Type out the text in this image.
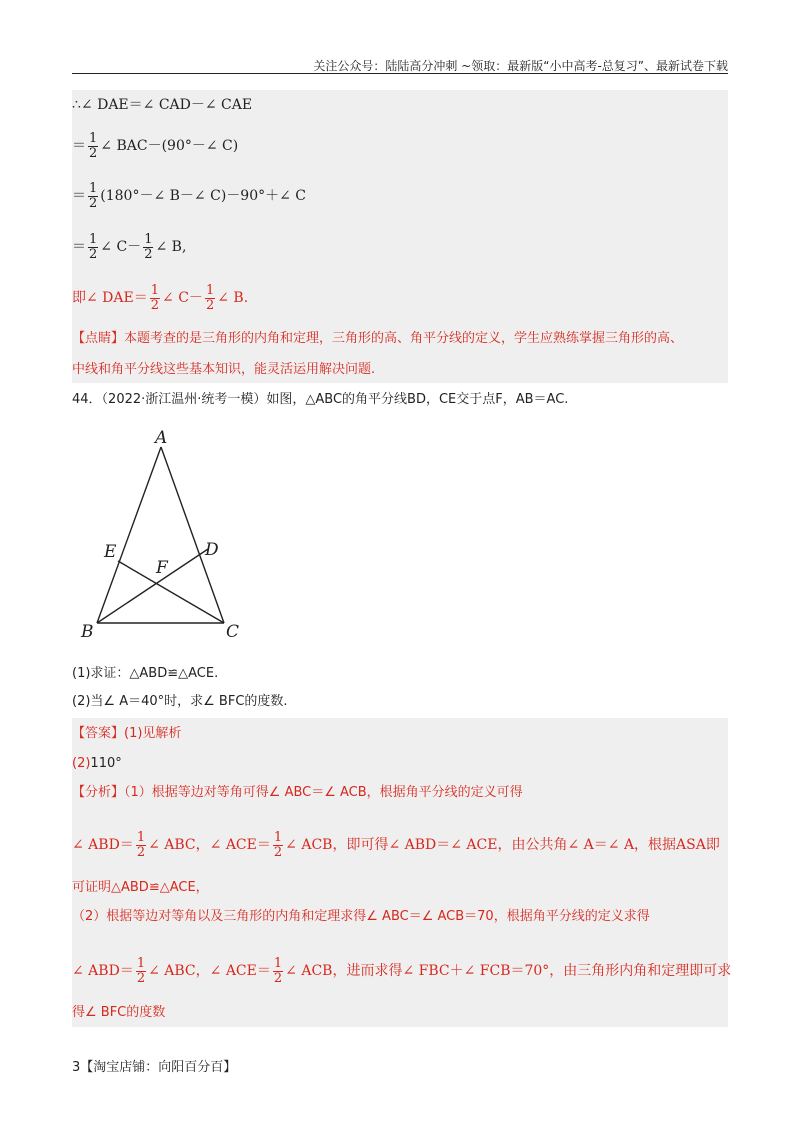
关注公众号：陆陆高分冲刺 ~领取：最新版“小中高考-总复习”、最新试卷下载
∴∠ DAE＝∠ CAD－∠ CAE
＝ $\frac{1}{2}$ ∠ BAC－(90°－∠ C)
＝ $\frac{1}{2}$ (180°－∠ B－∠ C)－90°＋∠ C
＝ $\frac{1}{2}$ ∠ $C- \frac{1}{2}$ ∠ B,
即∠ $DAE= \frac{1}{2}$ ∠ $C- \frac{1}{2}$ ∠ B.
【点睛】本题考查的是三角形的内角和定理，三角形的高、角平分线的定义，学生应熟练掌握三角形的高、
中线和角平分线这些基本知识，能灵活运用解决问题.
44．（2022·浙江温州·统考一模）如图，△ABC的角平分线BD，CE交于点F，AB＝AC.
A
B	C
D
E
F
(1)求证：△ABD≌△ACE.
(2)当∠ A＝40°时，求∠ BFC的度数.
【答案】(1)见解析
(2)110°
【分析】（1）根据等边对等角可得∠ ABC＝∠ ACB，根据角平分线的定义可得
∠ $ABD= \frac{1}{2}$ ∠ ABC，∠ $ACE= \frac{1}{2}$ ∠ ACB，即可得∠ ABD＝∠ ACE，由公共角∠ A＝∠ A，根据ASA即
可证明△ABD≌△ACE，
（2）根据等边对等角以及三角形的内角和定理求得∠ ABC＝∠ ACB＝70，根据角平分线的定义求得
∠ $ABD= \frac{1}{2}$ ∠ ABC，∠ $ACE= \frac{1}{2}$ ∠ ACB，进而求得∠ FBC＋∠ FCB＝70°，由三角形内角和定理即可求
得∠ BFC的度数
3【淘宝店铺：向阳百分百】
